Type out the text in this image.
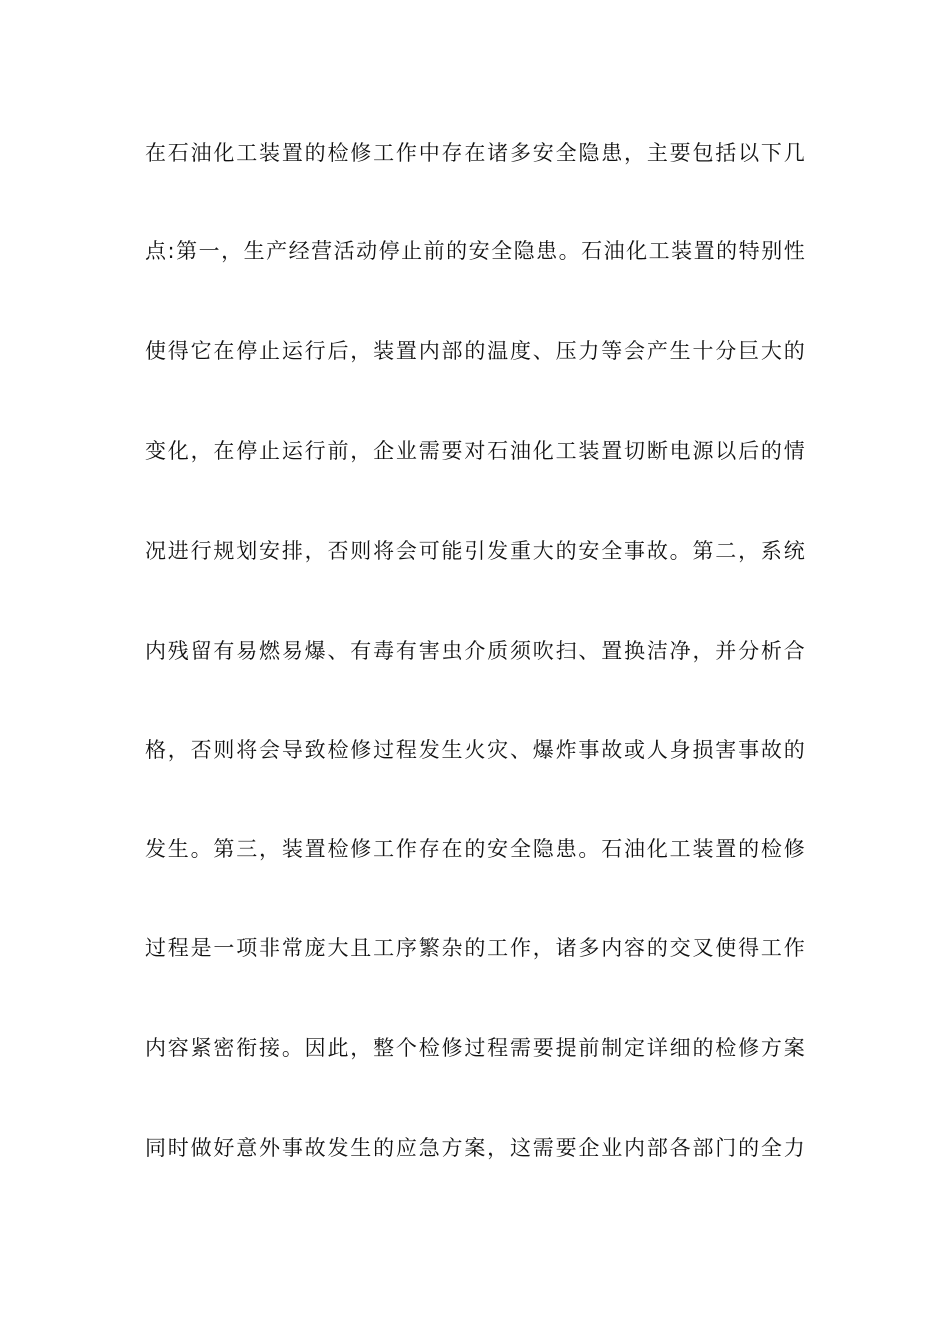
在石油化工装置的检修工作中存在诸多安全隐患，主要包括以下几
点:第一，生产经营活动停止前的安全隐患。石油化工装置的特别性
使得它在停止运行后，装置内部的温度、压力等会产生十分巨大的
变化，在停止运行前，企业需要对石油化工装置切断电源以后的情
况进行规划安排，否则将会可能引发重大的安全事故。第二，系统
内残留有易燃易爆、有毒有害虫介质须吹扫、置换洁净，并分析合
格，否则将会导致检修过程发生火灾、爆炸事故或人身损害事故的
发生。第三，装置检修工作存在的安全隐患。石油化工装置的检修
过程是一项非常庞大且工序繁杂的工作，诸多内容的交叉使得工作
内容紧密衔接。因此，整个检修过程需要提前制定详细的检修方案
同时做好意外事故发生的应急方案，这需要企业内部各部门的全力
